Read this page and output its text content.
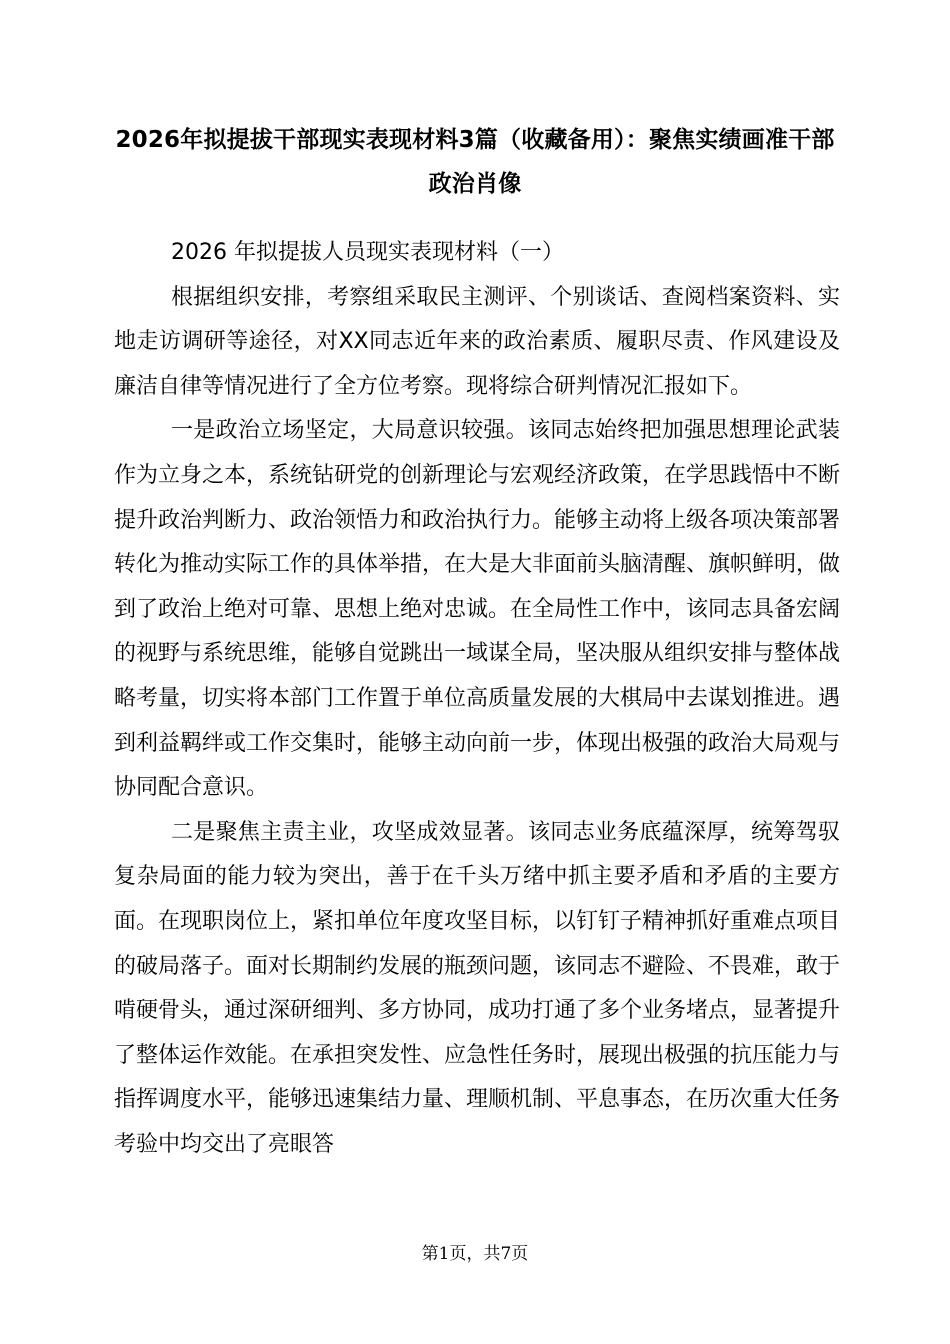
2026年拟提拔干部现实表现材料3篇（收藏备用）：聚焦实绩画准干部政治肖像

2026 年拟提拔人员现实表现材料（一）

根据组织安排，考察组采取民主测评、个别谈话、查阅档案资料、实地走访调研等途径，对XX同志近年来的政治素质、履职尽责、作风建设及廉洁自律等情况进行了全方位考察。现将综合研判情况汇报如下。

一是政治立场坚定，大局意识较强。该同志始终把加强思想理论武装作为立身之本，系统钻研党的创新理论与宏观经济政策，在学思践悟中不断提升政治判断力、政治领悟力和政治执行力。能够主动将上级各项决策部署转化为推动实际工作的具体举措，在大是大非面前头脑清醒、旗帜鲜明，做到了政治上绝对可靠、思想上绝对忠诚。在全局性工作中，该同志具备宏阔的视野与系统思维，能够自觉跳出一域谋全局，坚决服从组织安排与整体战略考量，切实将本部门工作置于单位高质量发展的大棋局中去谋划推进。遇到利益羁绊或工作交集时，能够主动向前一步，体现出极强的政治大局观与协同配合意识。

二是聚焦主责主业，攻坚成效显著。该同志业务底蕴深厚，统筹驾驭复杂局面的能力较为突出，善于在千头万绪中抓主要矛盾和矛盾的主要方面。在现职岗位上，紧扣单位年度攻坚目标，以钉钉子精神抓好重难点项目的破局落子。面对长期制约发展的瓶颈问题，该同志不避险、不畏难，敢于啃硬骨头，通过深研细判、多方协同，成功打通了多个业务堵点，显著提升了整体运作效能。在承担突发性、应急性任务时，展现出极强的抗压能力与指挥调度水平，能够迅速集结力量、理顺机制、平息事态，在历次重大任务考验中均交出了亮眼答

第1页，共7页
